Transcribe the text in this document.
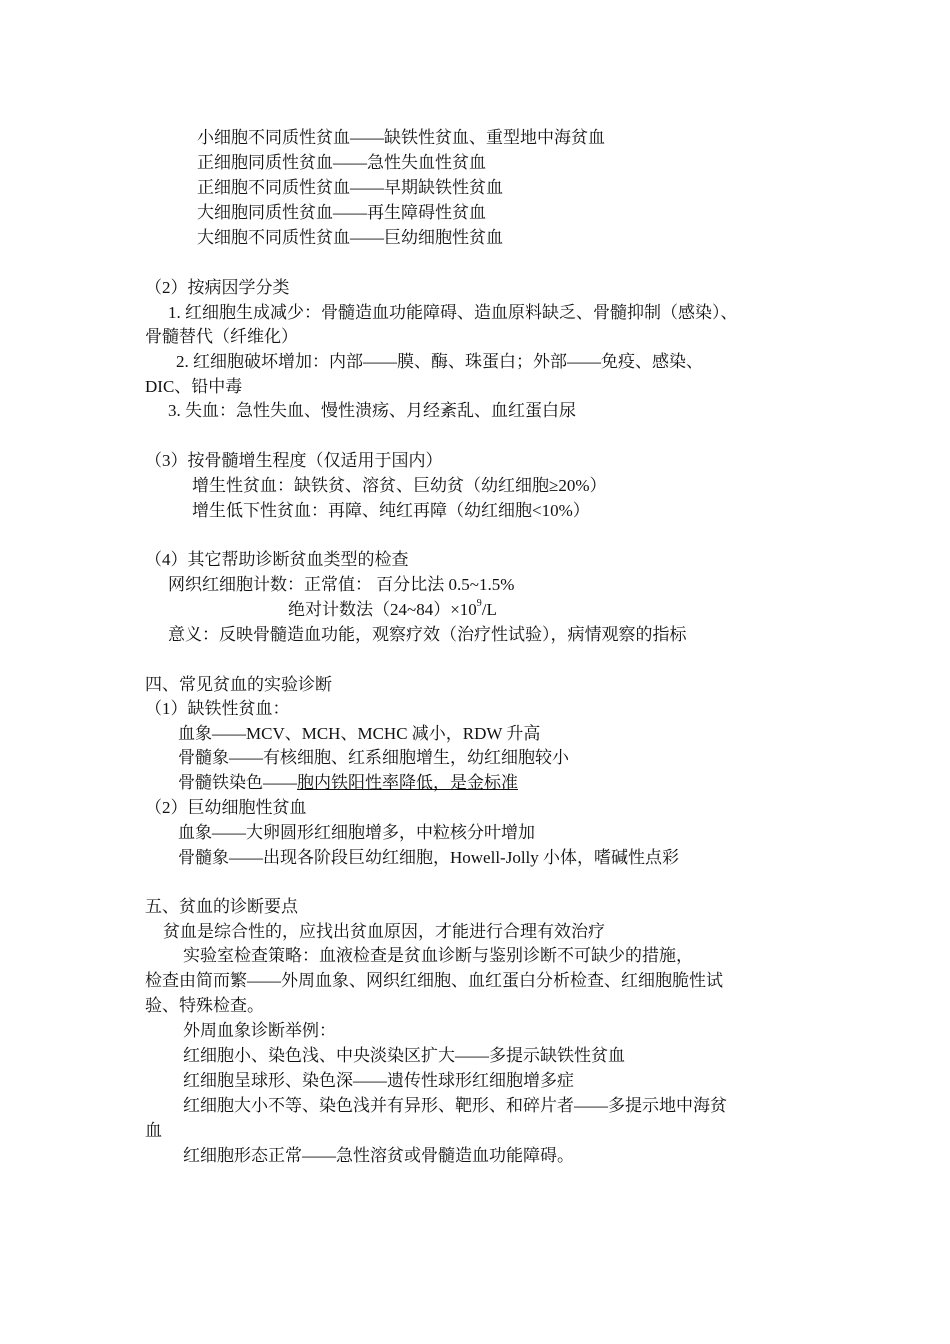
小细胞不同质性贫血——缺铁性贫血、重型地中海贫血
正细胞同质性贫血——急性失血性贫血
正细胞不同质性贫血——早期缺铁性贫血
大细胞同质性贫血——再生障碍性贫血
大细胞不同质性贫血——巨幼细胞性贫血
（2）按病因学分类
1. 红细胞生成减少：骨髓造血功能障碍、造血原料缺乏、骨髓抑制（感染）、
骨髓替代（纤维化）
2. 红细胞破坏增加：内部——膜、酶、珠蛋白；外部——免疫、感染、
DIC、铅中毒
3. 失血：急性失血、慢性溃疡、月经紊乱、血红蛋白尿
（3）按骨髓增生程度（仅适用于国内）
增生性贫血：缺铁贫、溶贫、巨幼贫（幼红细胞≥20%）
增生低下性贫血：再障、纯红再障（幼红细胞<10%）
（4）其它帮助诊断贫血类型的检查
网织红细胞计数：正常值： 百分比法 0.5~1.5%
绝对计数法$(24\sim 84)\times 10^9/L$
意义：反映骨髓造血功能，观察疗效（治疗性试验），病情观察的指标
四、常见贫血的实验诊断
（1）缺铁性贫血：
血象——MCV、MCH、MCHC 减小，RDW 升高
骨髓象——有核细胞、红系细胞增生，幼红细胞较小
骨髓铁染色——胞内铁阳性率降低，是金标准
（2）巨幼细胞性贫血
血象——大卵圆形红细胞增多，中粒核分叶增加
骨髓象——出现各阶段巨幼红细胞，Howell-Jolly 小体，嗜碱性点彩
五、贫血的诊断要点
贫血是综合性的，应找出贫血原因，才能进行合理有效治疗
实验室检查策略：血液检查是贫血诊断与鉴别诊断不可缺少的措施，
检查由简而繁——外周血象、网织红细胞、血红蛋白分析检查、红细胞脆性试
验、特殊检查。
外周血象诊断举例：
红细胞小、染色浅、中央淡染区扩大——多提示缺铁性贫血
红细胞呈球形、染色深——遗传性球形红细胞增多症
红细胞大小不等、染色浅并有异形、靶形、和碎片者——多提示地中海贫
血
红细胞形态正常——急性溶贫或骨髓造血功能障碍。
